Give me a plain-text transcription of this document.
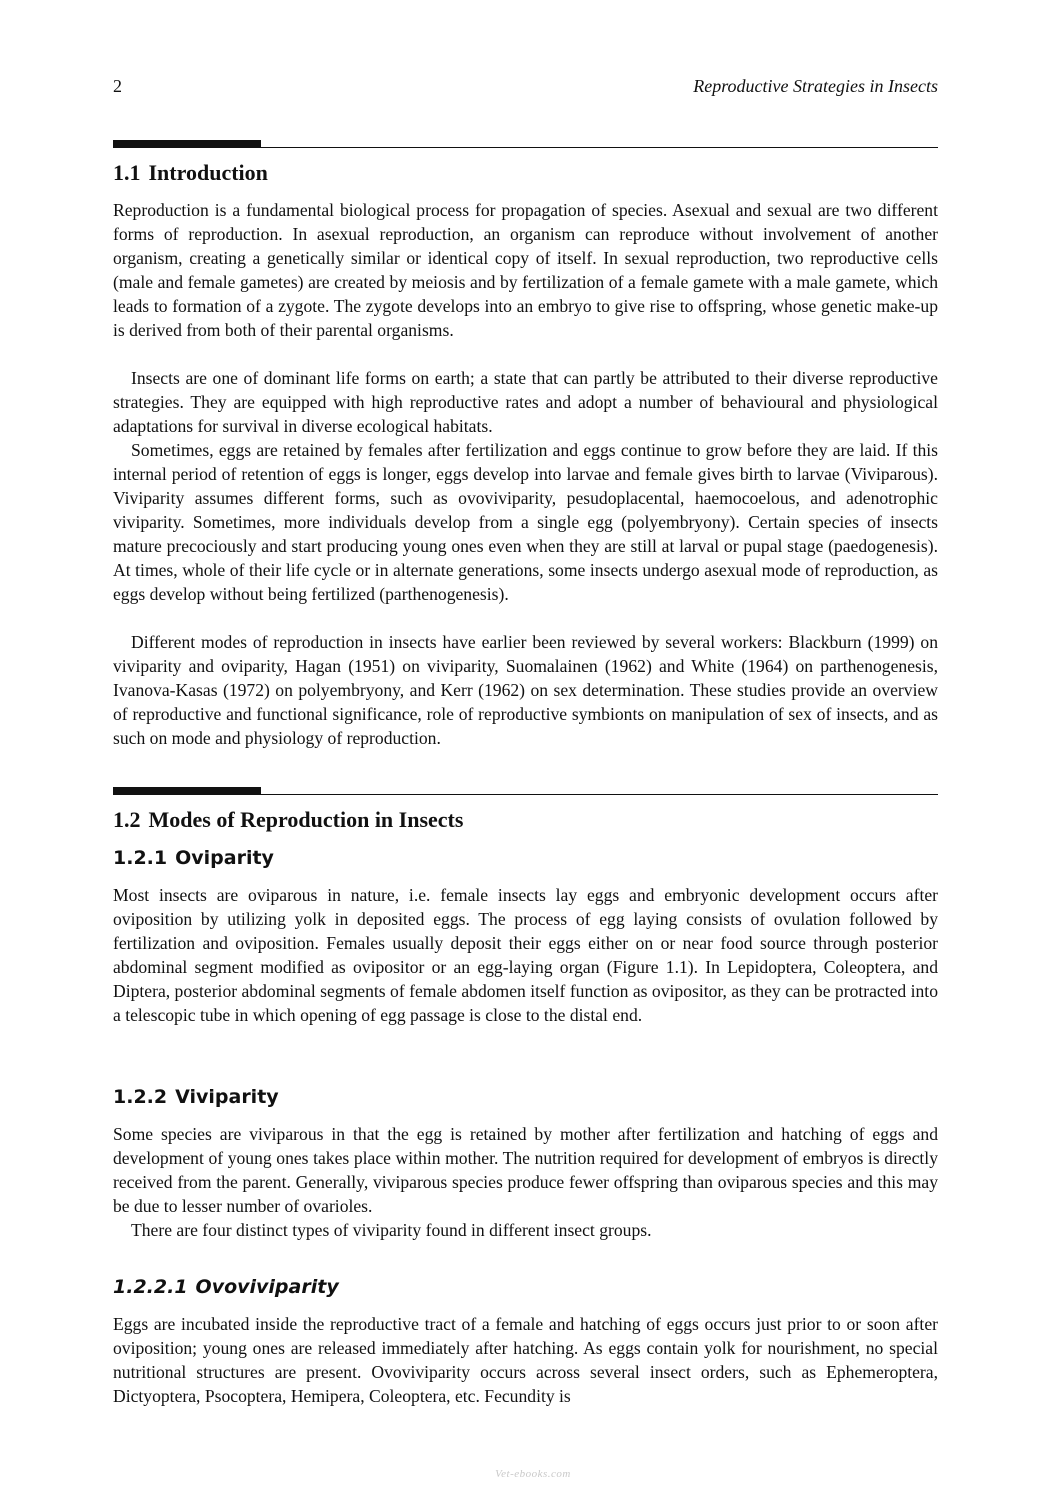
2	Reproductive Strategies in Insects
1.1 Introduction

Reproduction is a fundamental biological process for propagation of species. Asexual and sexual are two different forms of reproduction. In asexual reproduction, an organism can reproduce without involvement of another organism, creating a genetically similar or identical copy of itself. In sexual reproduction, two reproductive cells (male and female gametes) are created by meiosis and by fertilization of a female gamete with a male gamete, which leads to formation of a zygote. The zygote develops into an embryo to give rise to offspring, whose genetic make-up is derived from both of their parental organisms.

Insects are one of dominant life forms on earth; a state that can partly be attributed to their diverse reproductive strategies. They are equipped with high reproductive rates and adopt a number of behavioural and physiological adaptations for survival in diverse ecological habitats.

Sometimes, eggs are retained by females after fertilization and eggs continue to grow before they are laid. If this internal period of retention of eggs is longer, eggs develop into larvae and female gives birth to larvae (Viviparous). Viviparity assumes different forms, such as ovoviviparity, pesudoplacental, haemocoelous, and adenotrophic viviparity. Sometimes, more individuals develop from a single egg (polyembryony). Certain species of insects mature precociously and start producing young ones even when they are still at larval or pupal stage (paedogenesis). At times, whole of their life cycle or in alternate generations, some insects undergo asexual mode of reproduction, as eggs develop without being fertilized (parthenogenesis).

Different modes of reproduction in insects have earlier been reviewed by several workers: Blackburn (1999) on viviparity and oviparity, Hagan (1951) on viviparity, Suomalainen (1962) and White (1964) on parthenogenesis, Ivanova-Kasas (1972) on polyembryony, and Kerr (1962) on sex determination. These studies provide an overview of reproductive and functional significance, role of reproductive symbionts on manipulation of sex of insects, and as such on mode and physiology of reproduction.

1.2 Modes of Reproduction in Insects
1.2.1 Oviparity

Most insects are oviparous in nature, i.e. female insects lay eggs and embryonic development occurs after oviposition by utilizing yolk in deposited eggs. The process of egg laying consists of ovulation followed by fertilization and oviposition. Females usually deposit their eggs either on or near food source through posterior abdominal segment modified as ovipositor or an egg-laying organ (Figure 1.1). In Lepidoptera, Coleoptera, and Diptera, posterior abdominal segments of female abdomen itself function as ovipositor, as they can be protracted into a telescopic tube in which opening of egg passage is close to the distal end.

1.2.2 Viviparity

Some species are viviparous in that the egg is retained by mother after fertilization and hatching of eggs and development of young ones takes place within mother. The nutrition required for development of embryos is directly received from the parent. Generally, viviparous species produce fewer offspring than oviparous species and this may be due to lesser number of ovarioles.

There are four distinct types of viviparity found in different insect groups.

1.2.2.1 Ovoviviparity

Eggs are incubated inside the reproductive tract of a female and hatching of eggs occurs just prior to or soon after oviposition; young ones are released immediately after hatching. As eggs contain yolk for nourishment, no special nutritional structures are present. Ovoviviparity occurs across several insect orders, such as Ephemeroptera, Dictyoptera, Psocoptera, Hemipera, Coleoptera, etc. Fecundity is

Vet-ebooks.com
